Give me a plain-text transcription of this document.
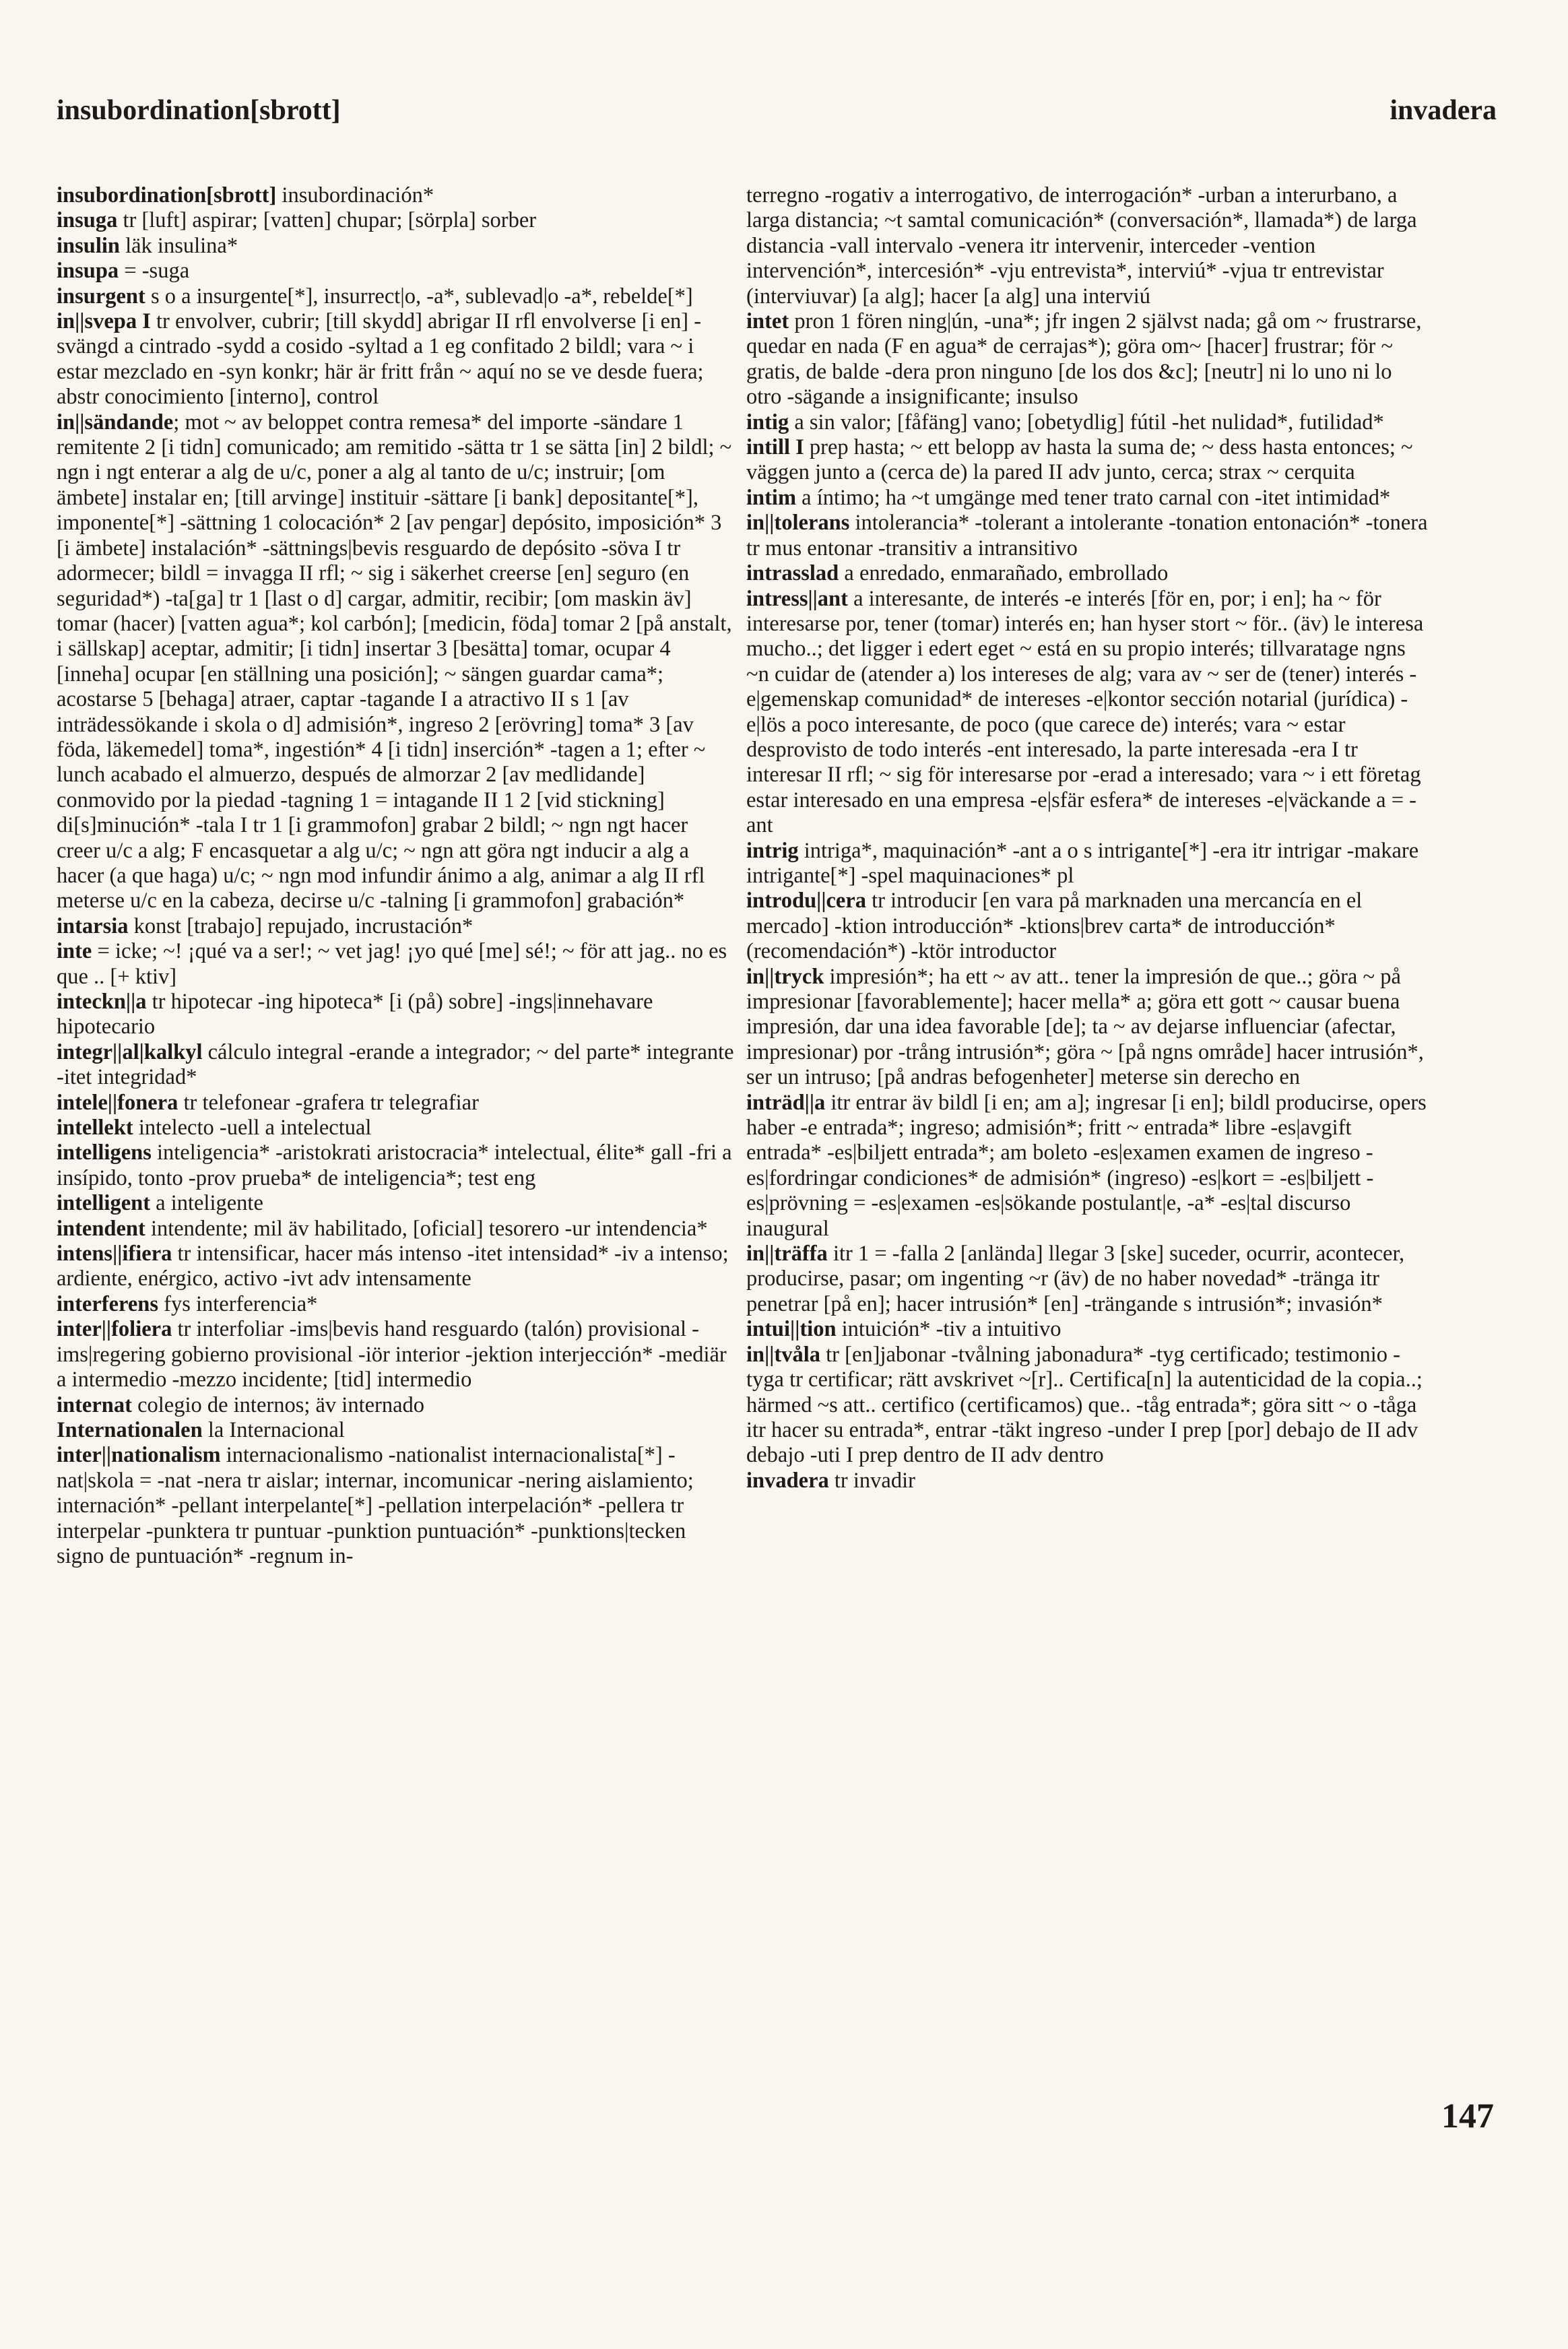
insubordination[sbrott]	invadera

insubordination[sbrott] insubordinación*

insuga tr [luft] aspirar; [vatten] chupar; [sörpla] sorber

insulin läk insulina*

insupa = -suga

insurgent s o a insurgente[*], insurrect|o, -a*, sublevad|o -a*, rebelde[*]

in||svepa I tr envolver, cubrir; [till skydd] abrigar II rfl envolverse [i en] -svängd a cintrado -sydd a cosido -syltad a 1 eg confitado 2 bildl; vara ~ i estar mezclado en -syn konkr; här är fritt från ~ aquí no se ve desde fuera; abstr conocimiento [interno], control

in||sändande; mot ~ av beloppet contra remesa* del importe -sändare 1 remitente 2 [i tidn] comunicado; am remitido -sätta tr 1 se sätta [in] 2 bildl; ~ ngn i ngt enterar a alg de u/c, poner a alg al tanto de u/c; instruir; [om ämbete] instalar en; [till arvinge] instituir -sättare [i bank] depositante[*], imponente[*] -sättning 1 colocación* 2 [av pengar] depósito, imposición* 3 [i ämbete] instalación* -sättnings|bevis resguardo de depósito -söva I tr adormecer; bildl = invagga II rfl; ~ sig i säkerhet creerse [en] seguro (en seguridad*) -ta[ga] tr 1 [last o d] cargar, admitir, recibir; [om maskin äv] tomar (hacer) [vatten agua*; kol carbón]; [medicin, föda] tomar 2 [på anstalt, i sällskap] aceptar, admitir; [i tidn] insertar 3 [besätta] tomar, ocupar 4 [inneha] ocupar [en ställning una posición]; ~ sängen guardar cama*; acostarse 5 [behaga] atraer, captar -tagande I a atractivo II s 1 [av inträdessökande i skola o d] admisión*, ingreso 2 [erövring] toma* 3 [av föda, läkemedel] toma*, ingestión* 4 [i tidn] inserción* -tagen a 1; efter ~ lunch acabado el almuerzo, después de almorzar 2 [av medlidande] conmovido por la piedad -tagning 1 = intagande II 1 2 [vid stickning] di[s]minución* -tala I tr 1 [i grammofon] grabar 2 bildl; ~ ngn ngt hacer creer u/c a alg; F encasquetar a alg u/c; ~ ngn att göra ngt inducir a alg a hacer (a que haga) u/c; ~ ngn mod infundir ánimo a alg, animar a alg II rfl meterse u/c en la cabeza, decirse u/c -talning [i grammofon] grabación*

intarsia konst [trabajo] repujado, incrustación*

inte = icke; ~! ¡qué va a ser!; ~ vet jag! ¡yo qué [me] sé!; ~ för att jag.. no es que .. [+ ktiv]

inteckn||a tr hipotecar -ing hipoteca* [i (på) sobre] -ings|innehavare hipotecario

integr||al|kalkyl cálculo integral -erande a integrador; ~ del parte* integrante -itet integridad*

intele||fonera tr telefonear -grafera tr telegrafiar

intellekt intelecto -uell a intelectual

intelligens inteligencia* -aristokrati aristocracia* intelectual, élite* gall -fri a insípido, tonto -prov prueba* de inteligencia*; test eng

intelligent a inteligente

intendent intendente; mil äv habilitado, [oficial] tesorero -ur intendencia*

intens||ifiera tr intensificar, hacer más intenso -itet intensidad* -iv a intenso; ardiente, enérgico, activo -ivt adv intensamente

interferens fys interferencia*

inter||foliera tr interfoliar -ims|bevis hand resguardo (talón) provisional -ims|regering gobierno provisional -iör interior -jektion interjección* -mediär a intermedio -mezzo incidente; [tid] intermedio

internat colegio de internos; äv internado

Internationalen la Internacional

inter||nationalism internacionalismo -nationalist internacionalista[*] -nat|skola = -nat -nera tr aislar; internar, incomunicar -nering aislamiento; internación* -pellant interpelante[*] -pellation interpelación* -pellera tr interpelar -punktera tr puntuar -punktion puntuación* -punktions|tecken signo de puntuación* -regnum in-

terregno -rogativ a interrogativo, de interrogación* -urban a interurbano, a larga distancia; ~t samtal comunicación* (conversación*, llamada*) de larga distancia -vall intervalo -venera itr intervenir, interceder -vention intervención*, intercesión* -vju entrevista*, interviú* -vjua tr entrevistar (interviuvar) [a alg]; hacer [a alg] una interviú

intet pron 1 fören ning|ún, -una*; jfr ingen 2 självst nada; gå om ~ frustrarse, quedar en nada (F en agua* de cerrajas*); göra om~ [hacer] frustrar; för ~ gratis, de balde -dera pron ninguno [de los dos &c]; [neutr] ni lo uno ni lo otro -sägande a insignificante; insulso

intig a sin valor; [fåfäng] vano; [obetydlig] fútil -het nulidad*, futilidad*

intill I prep hasta; ~ ett belopp av hasta la suma de; ~ dess hasta entonces; ~ väggen junto a (cerca de) la pared II adv junto, cerca; strax ~ cerquita

intim a íntimo; ha ~t umgänge med tener trato carnal con -itet intimidad*

in||tolerans intolerancia* -tolerant a intolerante -tonation entonación* -tonera tr mus entonar -transitiv a intransitivo

intrasslad a enredado, enmarañado, embrollado

intress||ant a interesante, de interés -e interés [för en, por; i en]; ha ~ för interesarse por, tener (tomar) interés en; han hyser stort ~ för.. (äv) le interesa mucho..; det ligger i edert eget ~ está en su propio interés; tillvaratage ngns ~n cuidar de (atender a) los intereses de alg; vara av ~ ser de (tener) interés -e|gemenskap comunidad* de intereses -e|kontor sección notarial (jurídica) -e|lös a poco interesante, de poco (que carece de) interés; vara ~ estar desprovisto de todo interés -ent interesado, la parte interesada -era I tr interesar II rfl; ~ sig för interesarse por -erad a interesado; vara ~ i ett företag estar interesado en una empresa -e|sfär esfera* de intereses -e|väckande a = -ant

intrig intriga*, maquinación* -ant a o s intrigante[*] -era itr intrigar -makare intrigante[*] -spel maquinaciones* pl

introdu||cera tr introducir [en vara på marknaden una mercancía en el mercado] -ktion introducción* -ktions|brev carta* de introducción* (recomendación*) -ktör introductor

in||tryck impresión*; ha ett ~ av att.. tener la impresión de que..; göra ~ på impresionar [favorablemente]; hacer mella* a; göra ett gott ~ causar buena impresión, dar una idea favorable [de]; ta ~ av dejarse influenciar (afectar, impresionar) por -trång intrusión*; göra ~ [på ngns område] hacer intrusión*, ser un intruso; [på andras befogenheter] meterse sin derecho en

inträd||a itr entrar äv bildl [i en; am a]; ingresar [i en]; bildl producirse, opers haber -e entrada*; ingreso; admisión*; fritt ~ entrada* libre -es|avgift entrada* -es|biljett entrada*; am boleto -es|examen examen de ingreso -es|fordringar condiciones* de admisión* (ingreso) -es|kort = -es|biljett -es|prövning = -es|examen -es|sökande postulant|e, -a* -es|tal discurso inaugural

in||träffa itr 1 = -falla 2 [anlända] llegar 3 [ske] suceder, ocurrir, acontecer, producirse, pasar; om ingenting ~r (äv) de no haber novedad* -tränga itr penetrar [på en]; hacer intrusión* [en] -trängande s intrusión*; invasión*

intui||tion intuición* -tiv a intuitivo

in||tvåla tr [en]jabonar -tvålning jabonadura* -tyg certificado; testimonio -tyga tr certificar; rätt avskrivet ~[r].. Certifica[n] la autenticidad de la copia..; härmed ~s att.. certifico (certificamos) que.. -tåg entrada*; göra sitt ~ o -tåga itr hacer su entrada*, entrar -täkt ingreso -under I prep [por] debajo de II adv debajo -uti I prep dentro de II adv dentro

invadera tr invadir

147
